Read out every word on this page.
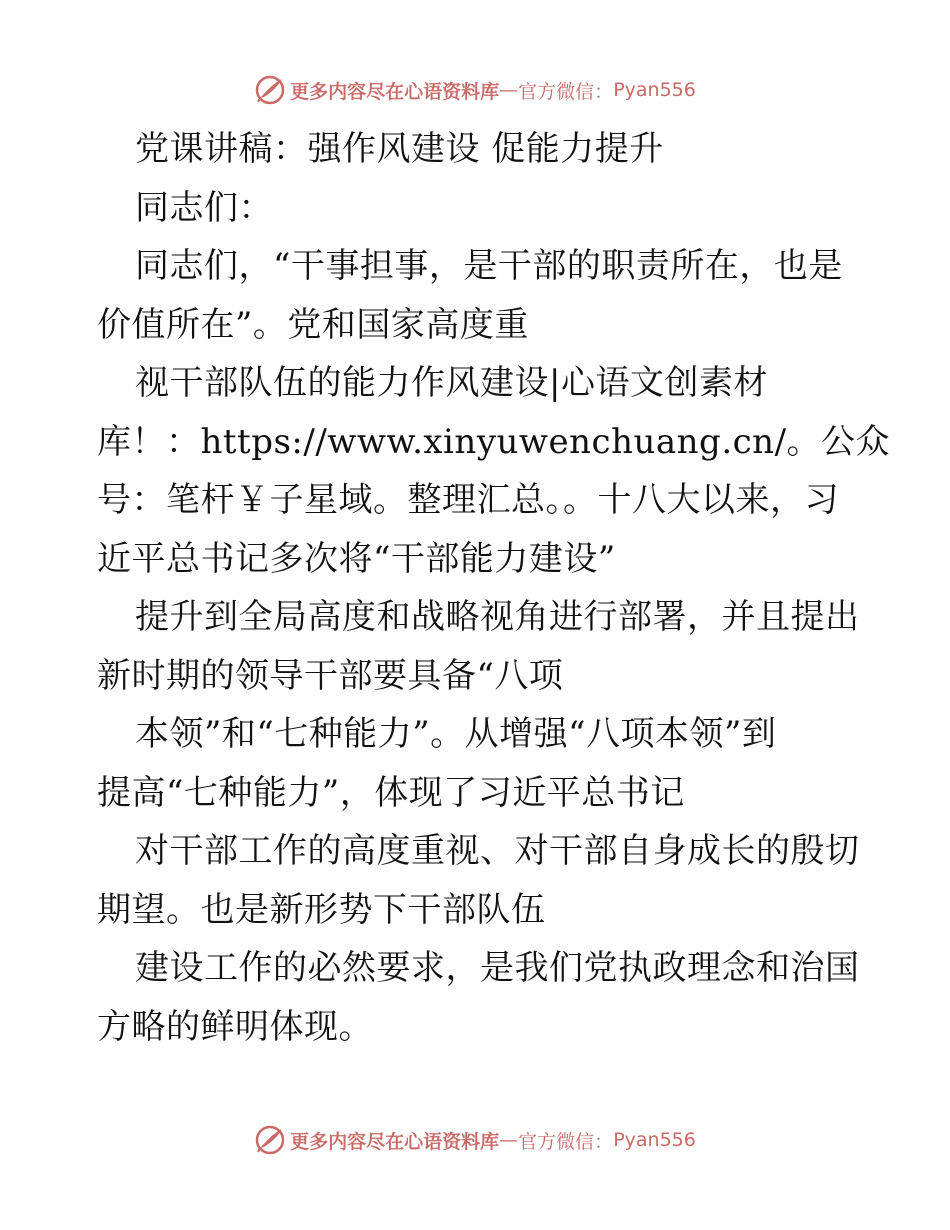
更多内容尽在心语资料库 — 官方微信： Pyan556
党课讲稿：强作风建设 促能力提升
同志们：
同志们，“干事担事，是干部的职责所在，也是
价值所在”。党和国家高度重
视干部队伍的能力作风建设|心语文创素材
库！：https://www.xinyuwenchuang.cn/。公众
号：笔杆￥子星域。整理汇总。。十八大以来，习
近平总书记多次将“干部能力建设”
提升到全局高度和战略视角进行部署，并且提出
新时期的领导干部要具备“八项
本领”和“七种能力”。从增强“八项本领”到
提高“七种能力”，体现了习近平总书记
对干部工作的高度重视、对干部自身成长的殷切
期望。也是新形势下干部队伍
建设工作的必然要求，是我们党执政理念和治国
方略的鲜明体现。
更多内容尽在心语资料库 — 官方微信： Pyan556
